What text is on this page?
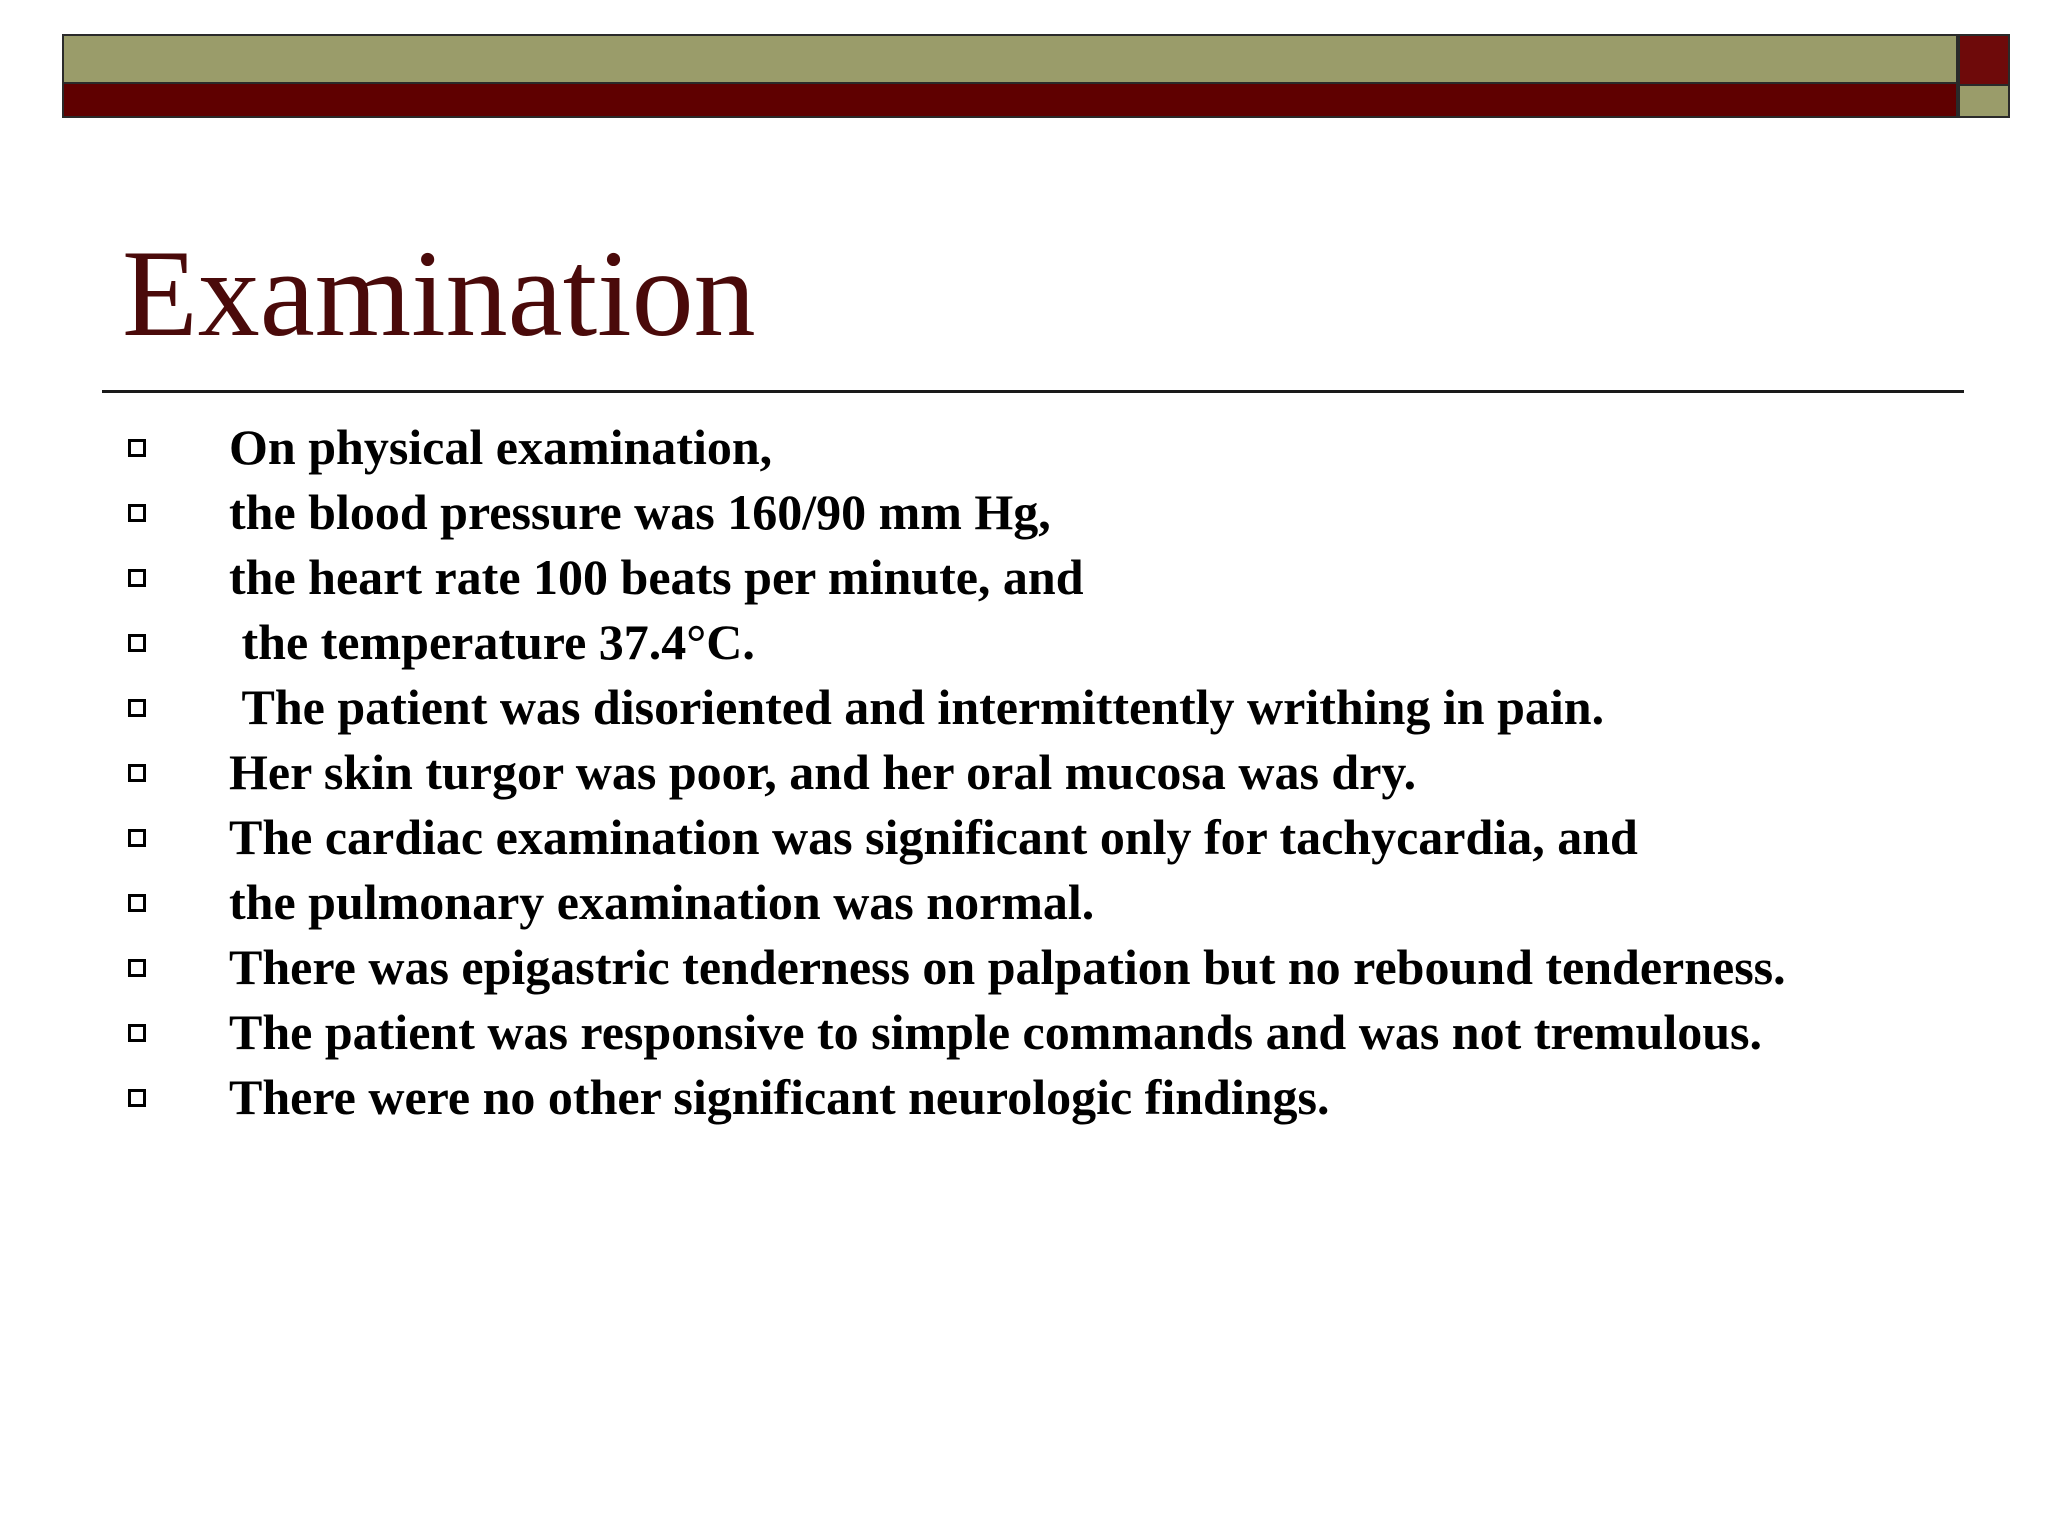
Examination
On physical examination,
the blood pressure was 160/90 mm Hg,
the heart rate 100 beats per minute, and
the temperature 37.4°C.
The patient was disoriented and intermittently writhing in pain.
Her skin turgor was poor, and her oral mucosa was dry.
The cardiac examination was significant only for tachycardia, and
the pulmonary examination was normal.
There was epigastric tenderness on palpation but no rebound tenderness.
The patient was responsive to simple commands and was not tremulous.
There were no other significant neurologic findings.
